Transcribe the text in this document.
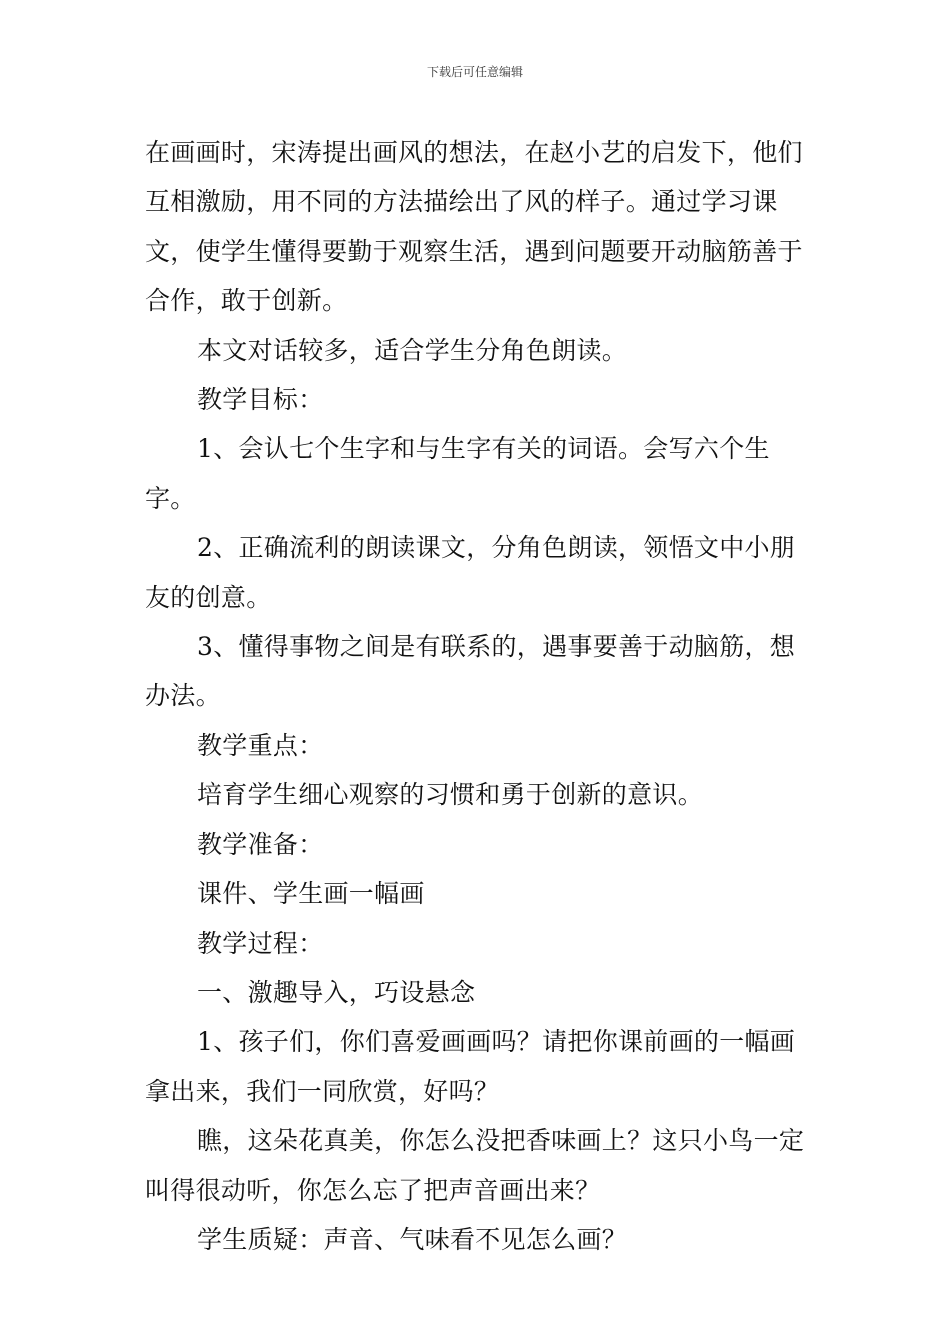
下载后可任意编辑

在画画时，宋涛提出画风的想法，在赵小艺的启发下，他们互相激励，用不同的方法描绘出了风的样子。通过学习课文，使学生懂得要勤于观察生活，遇到问题要开动脑筋善于合作，敢于创新。

本文对话较多，适合学生分角色朗读。

教学目标：

1、会认七个生字和与生字有关的词语。会写六个生字。

2、正确流利的朗读课文，分角色朗读，领悟文中小朋友的创意。

3、懂得事物之间是有联系的，遇事要善于动脑筋，想办法。

教学重点：

培育学生细心观察的习惯和勇于创新的意识。

教学准备：

课件、学生画一幅画

教学过程：

一、激趣导入，巧设悬念

1、孩子们，你们喜爱画画吗？请把你课前画的一幅画拿出来，我们一同欣赏，好吗？

瞧，这朵花真美，你怎么没把香味画上？这只小鸟一定叫得很动听，你怎么忘了把声音画出来？

学生质疑：声音、气味看不见怎么画？
